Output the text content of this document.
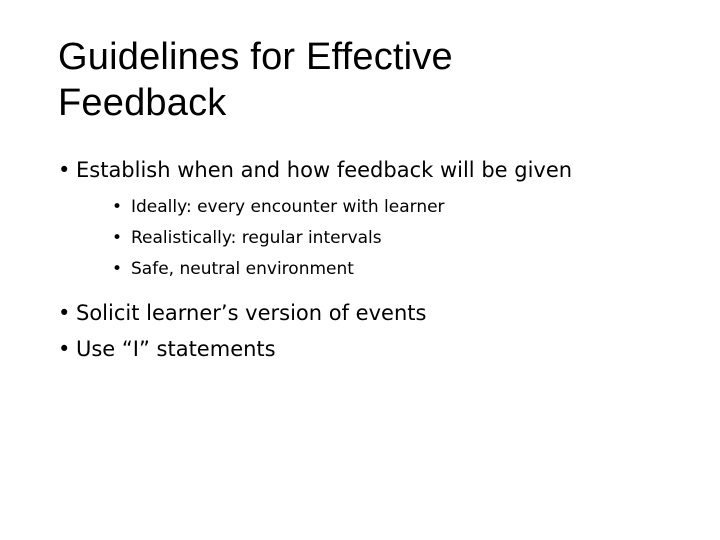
Guidelines for Effective
Feedback
• Establish when and how feedback will be given
• Ideally: every encounter with learner
• Realistically: regular intervals
• Safe, neutral environment
• Solicit learner’s version of events
• Use “I” statements
